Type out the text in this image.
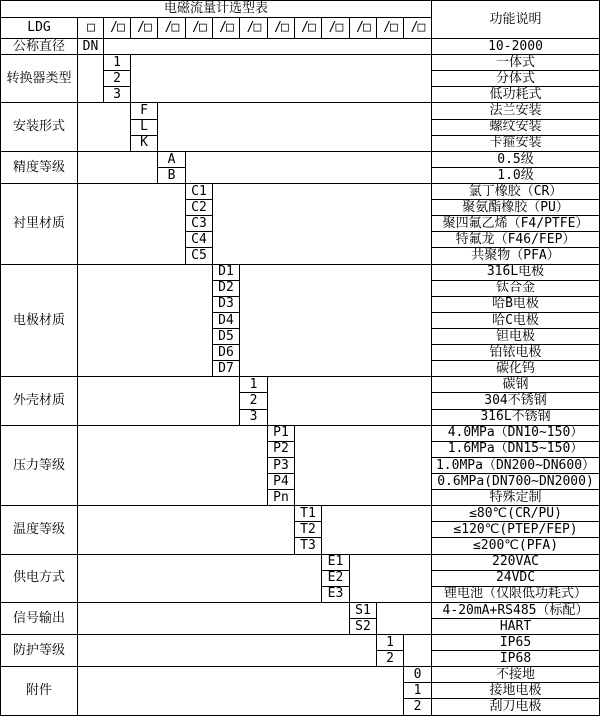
电磁流量计选型表														功能说明
LDG	□	/□	/□	/□	/□	/□	/□	/□	/□	/□	/□	/□	/□	
公称直径	DN													10-2000
转换器类型		1												一体式
		2												分体式
		3												低功耗式
安装形式			F											法兰安装
			L											螺纹安装
			K											卡箍安装
精度等级				A										0.5级
				B										1.0级
衬里材质					C1									氯丁橡胶（CR）
					C2									聚氨酯橡胶（PU）
					C3									聚四氟乙烯（F4/PTFE）
					C4									特氟龙（F46/FEP）
					C5									共聚物（PFA）
电极材质						D1								316L电极
						D2								钛合金
						D3								哈B电极
						D4								哈C电极
						D5								钽电极
						D6								铂铱电极
						D7								碳化钨
外壳材质							1							碳钢
							2							304不锈钢
							3							316L不锈钢
压力等级								P1						4.0MPa（DN10~150）
								P2						1.6MPa（DN15~150）
								P3						1.0MPa（DN200~DN600）
								P4						0.6MPa(DN700~DN2000)
								Pn						特殊定制
温度等级									T1					≤80℃(CR/PU)
									T2					≤120℃(PTEP/FEP)
									T3					≤200℃(PFA)
供电方式										E1				220VAC
										E2				24VDC
										E3				锂电池（仅限低功耗式）
信号输出											S1			4-20mA+RS485（标配）
											S2			HART
防护等级												1		IP65
												2		IP68
附件													0	不接地
													1	接地电极
													2	刮刀电极
